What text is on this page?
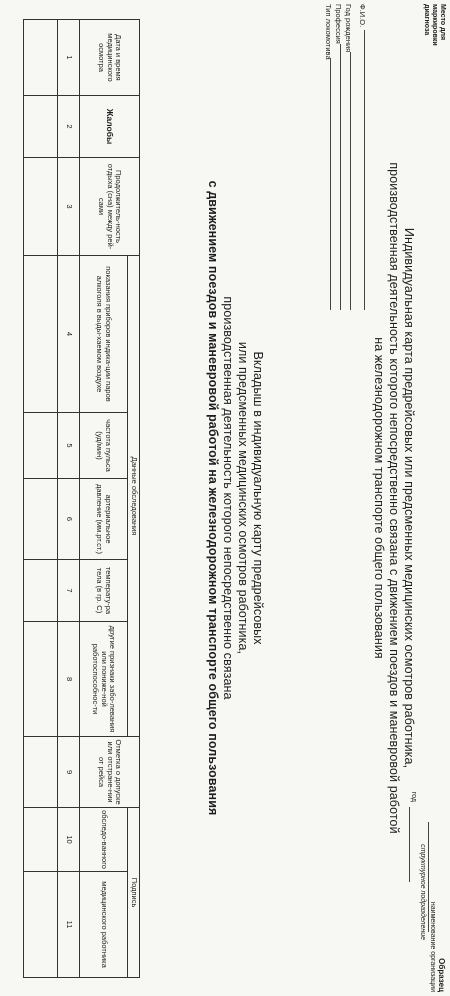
Образец
наименование организации
структурное подразделение
год
Место для
маркировки
диагноза
Индивидуальная карта предрейсовых или предсменных медицинских осмотров работника,
производственная деятельность которого непосредственно связана с движением поездов и маневровой работой
на железнодорожном транспорте общего пользования
Ф.И.О.
Год рождения
Профессия
Тип локомотива
Вкладыш в индивидуальную карту предрейсовых
или предсменных медицинских осмотров работника,
производственная деятельность которого непосредственно связана
с движением поездов и маневровой работой на железнодорожном транспорте общего пользования
Дата и время медицинского осмотра	Жалобы	Продолжитель-ность отдыха (сна) между рей-сами	Данные обследования					Отметка о допуске или отстране-нии от рейса	Подпись	
			показания приборов индика-ции паров алкоголя в выды-хаемом воздухе	частота пульса (уд/мин)	артериальное давление (мм.рт.ст.)	температу-ра тела (в гр. С)	другие признаки забо-левания или пониже-ной работоспособнос-ти		обследо-ванного	медицинского работника
1	2	3	4	5	6	7	8	9	10	11
